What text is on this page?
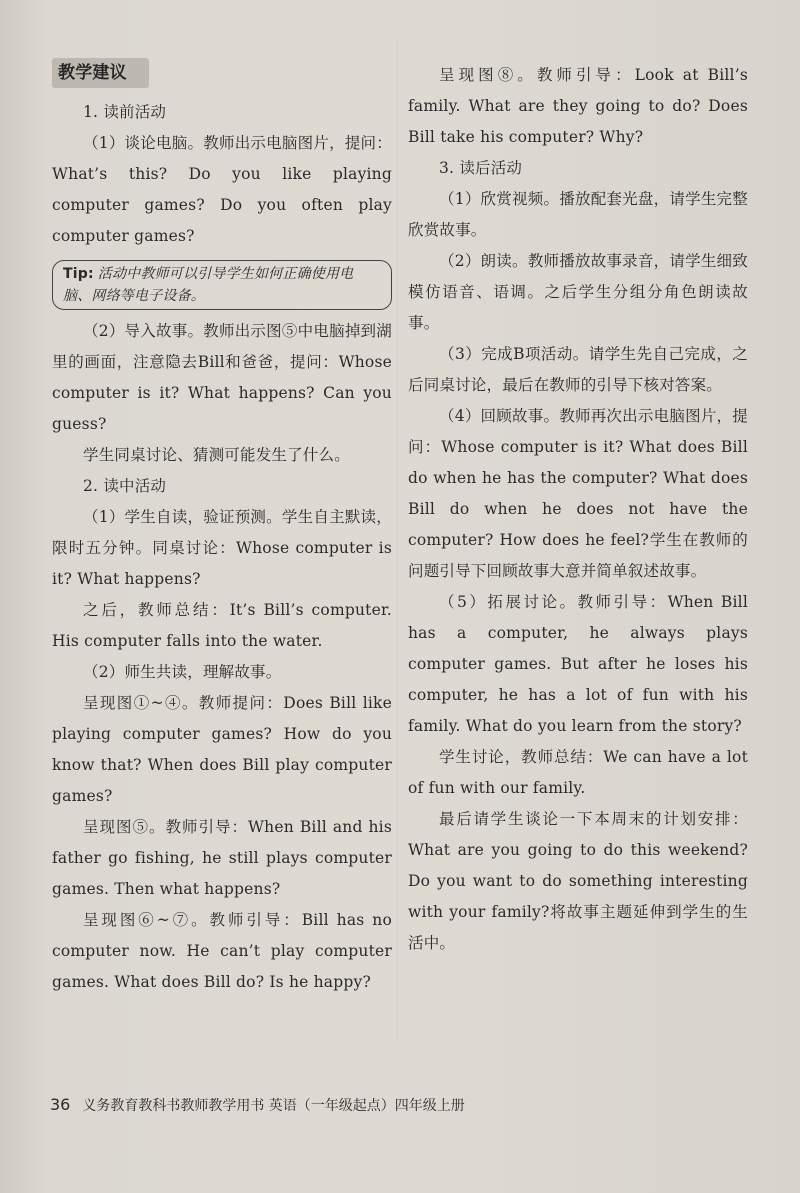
教学建议

1. 读前活动

（1）谈论电脑。教师出示电脑图片，提问：What’s this? Do you like playing computer games? Do you often play computer games?

Tip: 活动中教师可以引导学生如何正确使用电脑、网络等电子设备。

（2）导入故事。教师出示图⑤中电脑掉到湖里的画面，注意隐去Bill和爸爸，提问：Whose computer is it? What happens? Can you guess?

学生同桌讨论、猜测可能发生了什么。

2. 读中活动

（1）学生自读，验证预测。学生自主默读，限时五分钟。同桌讨论：Whose computer is it? What happens?

之后，教师总结：It’s Bill’s computer. His computer falls into the water.

（2）师生共读，理解故事。

呈现图①~④。教师提问：Does Bill like playing computer games? How do you know that? When does Bill play computer games?

呈现图⑤。教师引导：When Bill and his father go fishing, he still plays computer games. Then what happens?

呈现图⑥~⑦。教师引导：Bill has no computer now. He can’t play computer games. What does Bill do? Is he happy?

呈现图⑧。教师引导：Look at Bill’s family. What are they going to do? Does Bill take his computer? Why?

3. 读后活动

（1）欣赏视频。播放配套光盘，请学生完整欣赏故事。

（2）朗读。教师播放故事录音，请学生细致模仿语音、语调。之后学生分组分角色朗读故事。

（3）完成B项活动。请学生先自己完成，之后同桌讨论，最后在教师的引导下核对答案。

（4）回顾故事。教师再次出示电脑图片，提问：Whose computer is it? What does Bill do when he has the computer? What does Bill do when he does not have the computer? How does he feel?学生在教师的问题引导下回顾故事大意并简单叙述故事。

（5）拓展讨论。教师引导：When Bill has a computer, he always plays computer games. But after he loses his computer, he has a lot of fun with his family. What do you learn from the story?

学生讨论，教师总结：We can have a lot of fun with our family.

最后请学生谈论一下本周末的计划安排：What are you going to do this weekend? Do you want to do something interesting with your family?将故事主题延伸到学生的生活中。

36 义务教育教科书教师教学用书 英语（一年级起点）四年级上册
